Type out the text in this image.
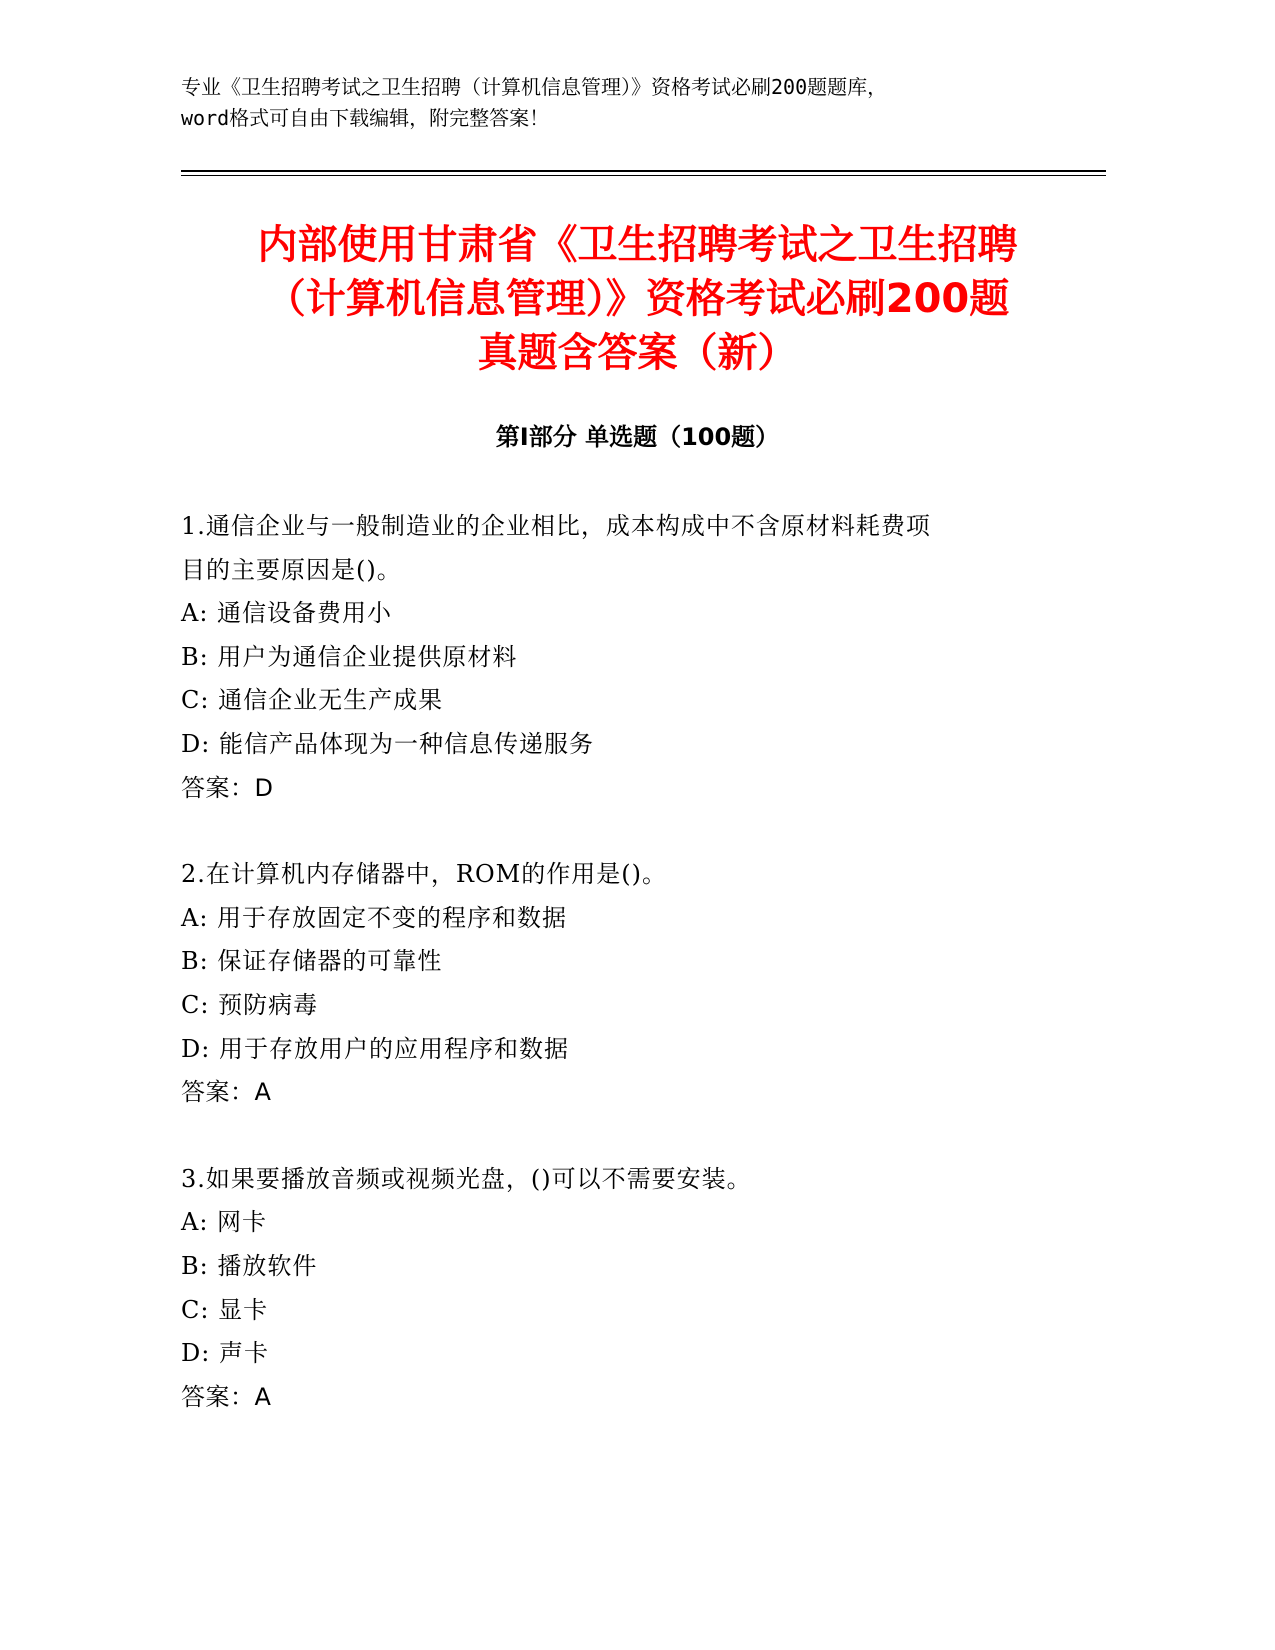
专业《卫生招聘考试之卫生招聘（计算机信息管理）》资格考试必刷200题题库，
word格式可自由下载编辑，附完整答案！
内部使用甘肃省《卫生招聘考试之卫生招聘
（计算机信息管理）》资格考试必刷200题
真题含答案（新）
第Ⅰ部分 单选题（100题）

1.通信企业与一般制造业的企业相比，成本构成中不含原材料耗费项

目的主要原因是()。

A: 通信设备费用小

B: 用户为通信企业提供原材料

C: 通信企业无生产成果

D: 能信产品体现为一种信息传递服务

答案：D

2.在计算机内存储器中，ROM的作用是()。

A: 用于存放固定不变的程序和数据

B: 保证存储器的可靠性

C: 预防病毒

D: 用于存放用户的应用程序和数据

答案：A

3.如果要播放音频或视频光盘，()可以不需要安装。

A: 网卡

B: 播放软件

C: 显卡

D: 声卡

答案：A
